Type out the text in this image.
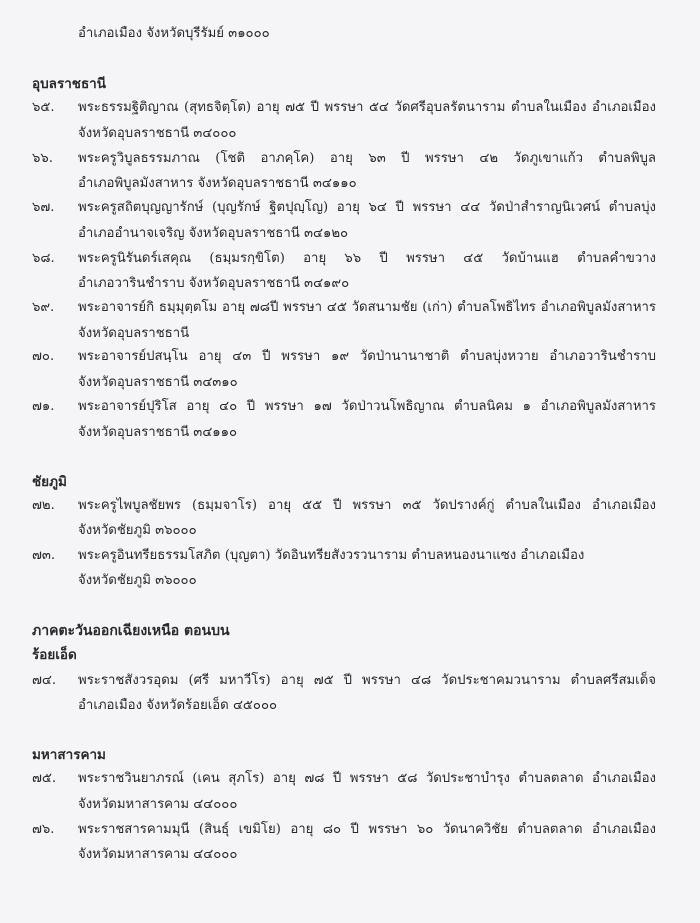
อำเภอเมือง จังหวัดบุรีรัมย์ ๓๑๐๐๐
อุบลราชธานี
๖๕. พระธรรมฐิติญาณ (สุทธจิตฺโต) อายุ ๗๕ ปี พรรษา ๕๔ วัดศรีอุบลรัตนาราม ตำบลในเมือง อำเภอเมือง
จังหวัดอุบลราชธานี ๓๔๐๐๐
๖๖. พระครูวิบูลธรรมภาณ (โชติ อาภคฺโค) อายุ ๖๓ ปี พรรษา ๔๒ วัดภูเขาแก้ว ตำบลพิบูล
อำเภอพิบูลมังสาหาร จังหวัดอุบลราชธานี ๓๔๑๑๐
๖๗. พระครูสถิตบุญญารักษ์ (บุญรักษ์ ฐิตปุญฺโญ) อายุ ๖๔ ปี พรรษา ๔๔ วัดป่าสำราญนิเวศน์ ตำบลบุ่ง
อำเภออำนาจเจริญ จังหวัดอุบลราชธานี ๓๔๑๒๐
๖๘. พระครูนิรันดร์เสคุณ (ธมฺมรกฺขิโต) อายุ ๖๖ ปี พรรษา ๔๕ วัดบ้านแฮ ตำบลคำขวาง
อำเภอวารินชำราบ จังหวัดอุบลราชธานี ๓๔๑๙๐
๖๙. พระอาจารย์กิ ธมฺมุตฺตโม อายุ ๗๘ปี พรรษา ๔๕ วัดสนามชัย (เก่า) ตำบลโพธิไทร อำเภอพิบูลมังสาหาร
จังหวัดอุบลราชธานี
๗๐. พระอาจารย์ปสนฺโน อายุ ๔๓ ปี พรรษา ๑๙ วัดป่านานาชาติ ตำบลบุ่งหวาย อำเภอวารินชำราบ
จังหวัดอุบลราชธานี ๓๔๓๑๐
๗๑. พระอาจารย์ปุริโส อายุ ๔๐ ปี พรรษา ๑๗ วัดป่าวนโพธิญาณ ตำบลนิคม ๑ อำเภอพิบูลมังสาหาร
จังหวัดอุบลราชธานี ๓๔๑๑๐
ชัยภูมิ
๗๒. พระครูไพบูลชัยพร (ธมฺมจาโร) อายุ ๕๕ ปี พรรษา ๓๕ วัดปรางค์กู่ ตำบลในเมือง อำเภอเมือง
จังหวัดชัยภูมิ ๓๖๐๐๐
๗๓. พระครูอินทรียธรรมโสภิต (บุญตา) วัดอินทรียสังวรวนาราม ตำบลหนองนาแซง อำเภอเมือง
จังหวัดชัยภูมิ ๓๖๐๐๐
ภาคตะวันออกเฉียงเหนือ ตอนบน
ร้อยเอ็ด
๗๔. พระราชสังวรอุดม (ศรี มหาวีโร) อายุ ๗๕ ปี พรรษา ๔๘ วัดประชาคมวนาราม ตำบลศรีสมเด็จ
อำเภอเมือง จังหวัดร้อยเอ็ด ๔๕๐๐๐
มหาสารคาม
๗๕. พระราชวินยาภรณ์ (เคน สุภโร) อายุ ๗๘ ปี พรรษา ๕๘ วัดประชาบำรุง ตำบลตลาด อำเภอเมือง
จังหวัดมหาสารคาม ๔๔๐๐๐
๗๖. พระราชสารคามมุนี (สินธุ์ เขมิโย) อายุ ๘๐ ปี พรรษา ๖๐ วัดนาควิชัย ตำบลตลาด อำเภอเมือง
จังหวัดมหาสารคาม ๔๔๐๐๐
